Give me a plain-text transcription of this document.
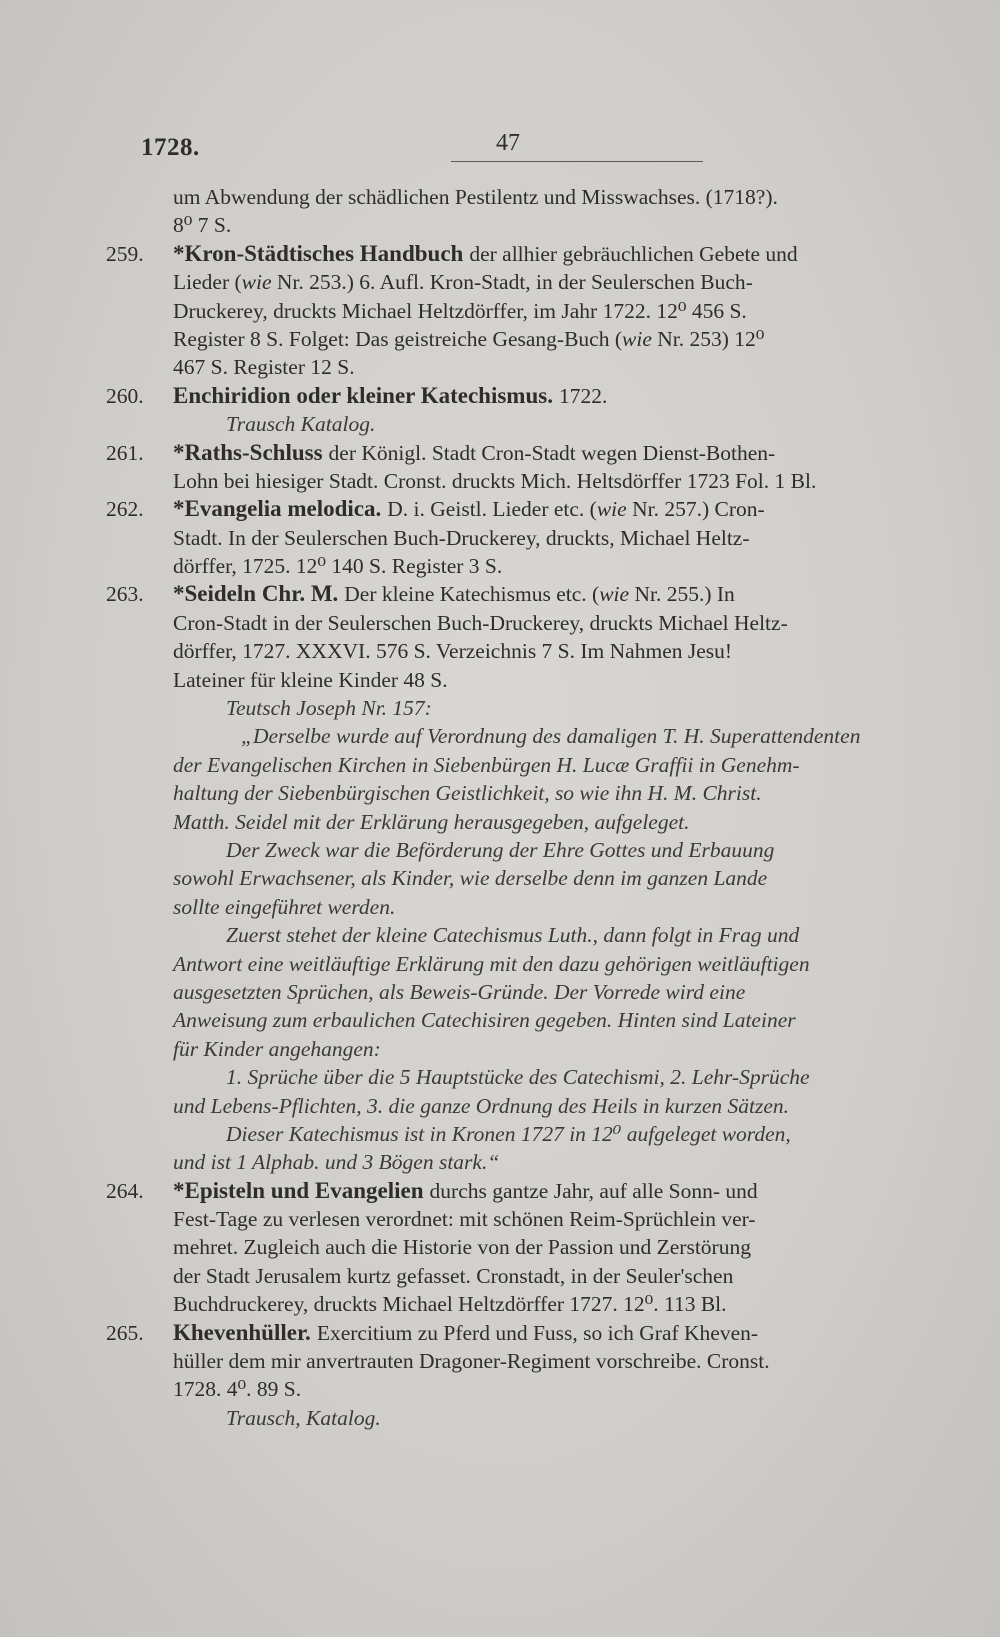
1728.	47
um Abwendung der schädlichen Pestilentz und Misswachses. (1718?).
8⁰ 7 S.
259. *Kron-Städtisches Handbuch der allhier gebräuchlichen Gebete und
Lieder (wie Nr. 253.) 6. Aufl. Kron-Stadt, in der Seulerschen Buch-
Druckerey, druckts Michael Heltzdörffer, im Jahr 1722. 12⁰ 456 S.
Register 8 S. Folget: Das geistreiche Gesang-Buch (wie Nr. 253) 12⁰
467 S. Register 12 S.
260. Enchiridion oder kleiner Katechismus. 1722.
Trausch Katalog.
261. *Raths-Schluss der Königl. Stadt Cron-Stadt wegen Dienst-Bothen-
Lohn bei hiesiger Stadt. Cronst. druckts Mich. Heltsdörffer 1723 Fol. 1 Bl.
262. *Evangelia melodica. D. i. Geistl. Lieder etc. (wie Nr. 257.) Cron-
Stadt. In der Seulerschen Buch-Druckerey, druckts, Michael Heltz-
dörffer, 1725. 12⁰ 140 S. Register 3 S.
263. *Seideln Chr. M. Der kleine Katechismus etc. (wie Nr. 255.) In
Cron-Stadt in der Seulerschen Buch-Druckerey, druckts Michael Heltz-
dörffer, 1727. XXXVI. 576 S. Verzeichnis 7 S. Im Nahmen Jesu!
Lateiner für kleine Kinder 48 S.
Teutsch Joseph Nr. 157:
„Derselbe wurde auf Verordnung des damaligen T. H. Superattendenten
der Evangelischen Kirchen in Siebenbürgen H. Lucæ Graffii in Genehm-
haltung der Siebenbürgischen Geistlichkeit, so wie ihn H. M. Christ.
Matth. Seidel mit der Erklärung herausgegeben, aufgeleget.
Der Zweck war die Beförderung der Ehre Gottes und Erbauung
sowohl Erwachsener, als Kinder, wie derselbe denn im ganzen Lande
sollte eingeführet werden.
Zuerst stehet der kleine Catechismus Luth., dann folgt in Frag und
Antwort eine weitläuftige Erklärung mit den dazu gehörigen weitläuftigen
ausgesetzten Sprüchen, als Beweis-Gründe. Der Vorrede wird eine
Anweisung zum erbaulichen Catechisiren gegeben. Hinten sind Lateiner
für Kinder angehangen:
1. Sprüche über die 5 Hauptstücke des Catechismi, 2. Lehr-Sprüche
und Lebens-Pflichten, 3. die ganze Ordnung des Heils in kurzen Sätzen.
Dieser Katechismus ist in Kronen 1727 in 12⁰ aufgeleget worden,
und ist 1 Alphab. und 3 Bögen stark.“
264. *Episteln und Evangelien durchs gantze Jahr, auf alle Sonn- und
Fest-Tage zu verlesen verordnet: mit schönen Reim-Sprüchlein ver-
mehret. Zugleich auch die Historie von der Passion und Zerstörung
der Stadt Jerusalem kurtz gefasset. Cronstadt, in der Seuler'schen
Buchdruckerey, druckts Michael Heltzdörffer 1727. 12⁰. 113 Bl.
265. Khevenhüller. Exercitium zu Pferd und Fuss, so ich Graf Kheven-
hüller dem mir anvertrauten Dragoner-Regiment vorschreibe. Cronst.
1728. 4⁰. 89 S.
Trausch, Katalog.
